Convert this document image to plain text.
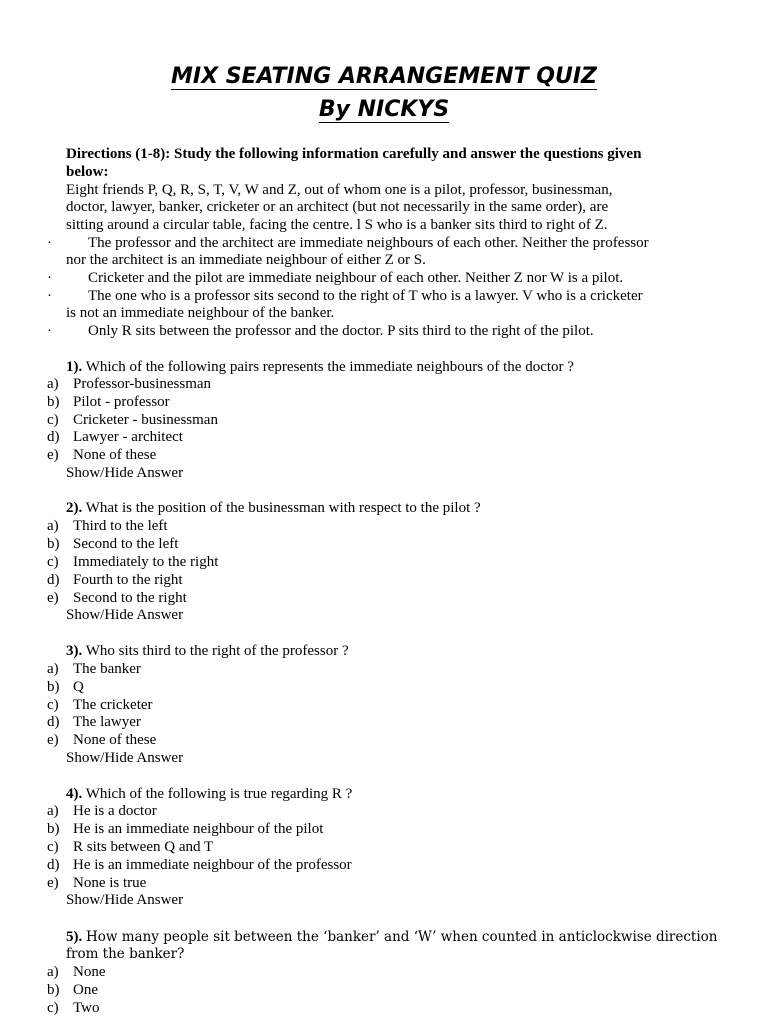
MIX SEATING ARRANGEMENT QUIZ
By NICKYS
Directions (1-8): Study the following information carefully and answer the questions given
below:
Eight friends P, Q, R, S, T, V, W and Z, out of whom one is a pilot, professor, businessman,
doctor, lawyer, banker, cricketer or an architect (but not necessarily in the same order), are
sitting around a circular table, facing the centre. l S who is a banker sits third to right of Z.
· The professor and the architect are immediate neighbours of each other. Neither the professor
nor the architect is an immediate neighbour of either Z or S.
· Cricketer and the pilot are immediate neighbour of each other. Neither Z nor W is a pilot.
· The one who is a professor sits second to the right of T who is a lawyer. V who is a cricketer
is not an immediate neighbour of the banker.
· Only R sits between the professor and the doctor. P sits third to the right of the pilot.
1). Which of the following pairs represents the immediate neighbours of the doctor ?
a) Professor-businessman
b) Pilot - professor
c) Cricketer - businessman
d) Lawyer - architect
e) None of these
Show/Hide Answer
2). What is the position of the businessman with respect to the pilot ?
a) Third to the left
b) Second to the left
c) Immediately to the right
d) Fourth to the right
e) Second to the right
Show/Hide Answer
3). Who sits third to the right of the professor ?
a) The banker
b) Q
c) The cricketer
d) The lawyer
e) None of these
Show/Hide Answer
4). Which of the following is true regarding R ?
a) He is a doctor
b) He is an immediate neighbour of the pilot
c) R sits between Q and T
d) He is an immediate neighbour of the professor
e) None is true
Show/Hide Answer
5). How many people sit between the ‘banker’ and ‘W’ when counted in anticlockwise direction
from the banker?
a) None
b) One
c) Two
